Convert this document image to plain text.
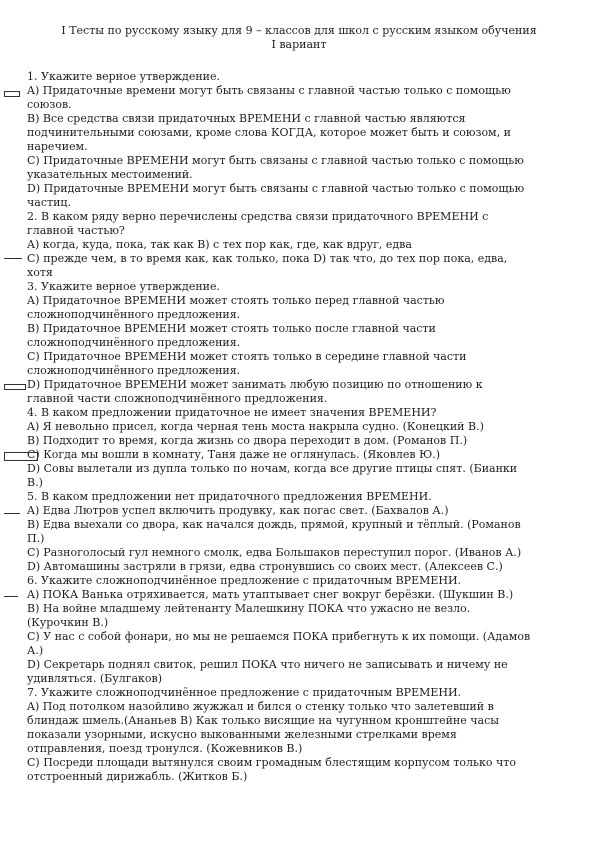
I Тесты по русскому языку для 9 – классов для школ с русским языком обучения
I вариант

1. Укажите верное утверждение.

A) Придаточные времени могут быть связаны с главной частью только с помощью

союзов.

B) Все средства связи придаточных ВРЕМЕНИ с главной частью являются

подчинительными союзами, кроме слова КОГДА, которое может быть и союзом, и

наречием.

C) Придаточные ВРЕМЕНИ могут быть связаны с главной частью только с помощью

указательных местоимений.

D) Придаточные ВРЕМЕНИ могут быть связаны с главной частью только с помощью

частиц.

2. В каком ряду верно перечислены средства связи придаточного ВРЕМЕНИ с

главной частью?

A) когда, куда, пока, так как B) с тех пор как, где, как вдруг, едва

C) прежде чем, в то время как, как только, пока D) так что, до тех пор пока, едва,

хотя

3. Укажите верное утверждение.

A) Придаточное ВРЕМЕНИ может стоять только перед главной частью

сложноподчинённого предложения.

B) Придаточное ВРЕМЕНИ может стоять только после главной части

сложноподчинённого предложения.

C) Придаточное ВРЕМЕНИ может стоять только в середине главной части

сложноподчинённого предложения.

D) Придаточное ВРЕМЕНИ может занимать любую позицию по отношению к

главной части сложноподчинённого предложения.

4. В каком предложении придаточное не имеет значения ВРЕМЕНИ?

A) Я невольно присел, когда черная тень моста накрыла судно. (Конецкий В.)

B) Подходит то время, когда жизнь со двора переходит в дом. (Романов П.)

C) Когда мы вошли в комнату, Таня даже не оглянулась. (Яковлев Ю.)

D) Совы вылетали из дупла только по ночам, когда все другие птицы спят. (Бианки

В.)

5. В каком предложении нет придаточного предложения ВРЕМЕНИ.

A) Едва Лютров успел включить продувку, как погас свет. (Бахвалов А.)

B) Едва выехали со двора, как начался дождь, прямой, крупный и тёплый. (Романов

П.)

C) Разноголосый гул немного смолк, едва Большаков переступил порог. (Иванов А.)

D) Автомашины застряли в грязи, едва стронувшись со своих мест. (Алексеев С.)

6. Укажите сложноподчинённое предложение с придаточным ВРЕМЕНИ.

A) ПОКА Ванька отряхивается, мать утаптывает снег вокруг берёзки. (Шукшин В.)

B) На войне младшему лейтенанту Малешкину ПОКА что ужасно не везло.

(Курочкин В.)

C) У нас с собой фонари, но мы не решаемся ПОКА прибегнуть к их помощи. (Адамов

А.)

D) Секретарь поднял свиток, решил ПОКА что ничего не записывать и ничему не

удивляться. (Булгаков)

7. Укажите сложноподчинённое предложение с придаточным ВРЕМЕНИ.

A) Под потолком назойливо жужжал и бился о стенку только что залетевший в

блиндаж шмель.(Ананьев В) Как только висящие на чугунном кронштейне часы

показали узорными, искусно выкованными железными стрелками время

отправления, поезд тронулся. (Кожевников В.)

C) Посреди площади вытянулся своим громадным блестящим корпусом только что

отстроенный дирижабль. (Житков Б.)
